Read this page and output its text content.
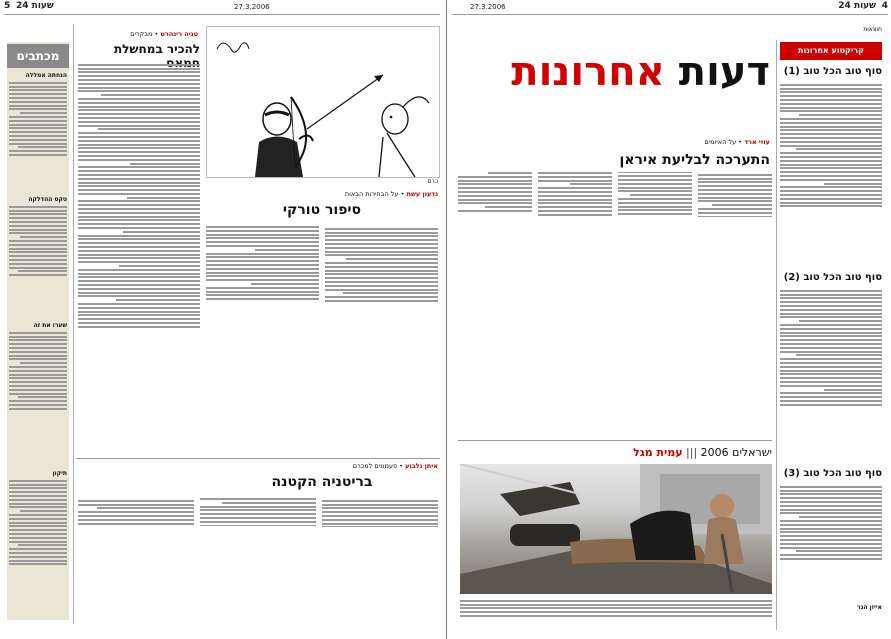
5 24 שעות	27.3.2006	27.3.2006	24 שעות 4
מכתבים
הנחתה אמללה
טקס ההדלקה
שערו את זה
תיקון
טניה רינהרט • מבקרים
להכיר במחשלת
כרם
גדעון עשת • על הבחירות הבאות
סיפור טורקי
איתן גלבוע • פעמונים למכרם
בריטניה הקטנה
תוצאות
קריקטוע אחרונות
סוף טוב הכל טוב (1)
סוף טוב הכל טוב (2)
סוף טוב הכל טוב (3)
אייזן הגר
דעות אחרונות
עוזי ארד • על האיומים
התערכה לבליעת איראן
ישראלים 2006 ||| עמית מגל
